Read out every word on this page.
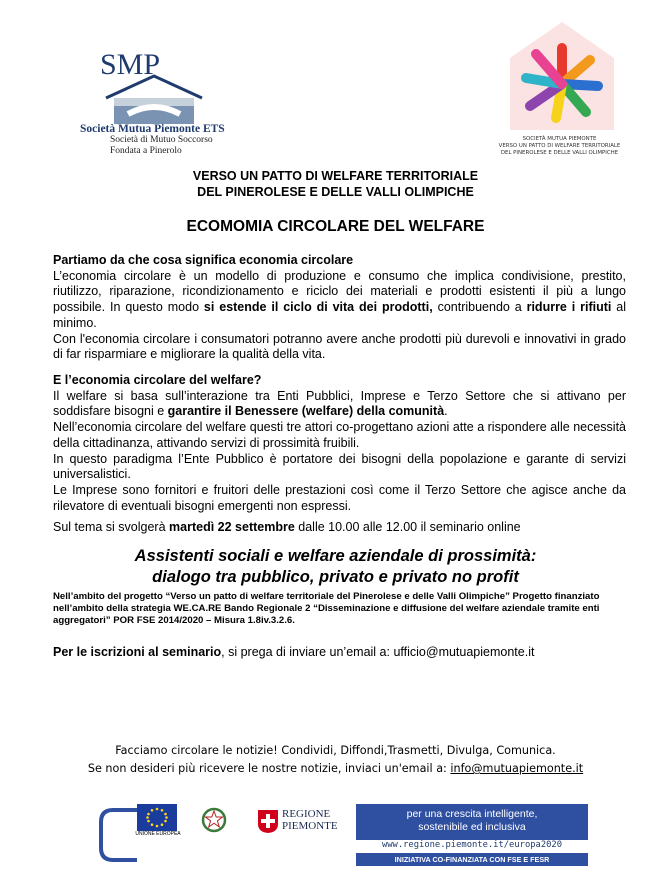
SMP
Società Mutua Piemonte ETS
Società di Mutuo Soccorso
Fondata a Pinerolo
SOCIETÀ MUTUA PIEMONTE
VERSO UN PATTO DI WELFARE TERRITORIALE
DEL PINEROLESE E DELLE VALLI OLIMPICHE
VERSO UN PATTO DI WELFARE TERRITORIALE
DEL PINEROLESE E DELLE VALLI OLIMPICHE
ECOMOMIA CIRCOLARE DEL WELFARE

Partiamo da che cosa significa economia circolare

L’economia circolare è un modello di produzione e consumo che implica condivisione, prestito, riutilizzo, riparazione, ricondizionamento e riciclo dei materiali e prodotti esistenti il più a lungo possibile. In questo modo si estende il ciclo di vita dei prodotti, contribuendo a ridurre i rifiuti al minimo.

Con l'economia circolare i consumatori potranno avere anche prodotti più durevoli e innovativi in grado di far risparmiare e migliorare la qualità della vita.

E l’economia circolare del welfare?

Il welfare si basa sull’interazione tra Enti Pubblici, Imprese e Terzo Settore che si attivano per soddisfare bisogni e garantire il Benessere (welfare) della comunità.

Nell’economia circolare del welfare questi tre attori co-progettano azioni atte a rispondere alle necessità della cittadinanza, attivando servizi di prossimità fruibili.

In questo paradigma l’Ente Pubblico è portatore dei bisogni della popolazione e garante di servizi universalistici.

Le Imprese sono fornitori e fruitori delle prestazioni così come il Terzo Settore che agisce anche da rilevatore di eventuali bisogni emergenti non espressi.

Sul tema si svolgerà martedì 22 settembre dalle 10.00 alle 12.00 il seminario online
Assistenti sociali e welfare aziendale di prossimità:
dialogo tra pubblico, privato e privato no profit
Nell’ambito del progetto “Verso un patto di welfare territoriale del Pinerolese e delle Valli Olimpiche” Progetto finanziato nell’ambito della strategia WE.CA.RE Bando Regionale 2 “Disseminazione e diffusione del welfare aziendale tramite enti aggregatori” POR FSE 2014/2020 – Misura 1.8iv.3.2.6.
Per le iscrizioni al seminario, si prega di inviare un’email a: ufficio@mutuapiemonte.it
Facciamo circolare le notizie! Condividi, Diffondi,Trasmetti, Divulga, Comunica.
Se non desideri più ricevere le nostre notizie, inviaci un'email a: info@mutuapiemonte.it
UNIONE EUROPEA
REGIONE
PIEMONTE
per una crescita intelligente,
sostenibile ed inclusiva
www.regione.piemonte.it/europa2020
INIZIATIVA CO-FINANZIATA CON FSE E FESR
